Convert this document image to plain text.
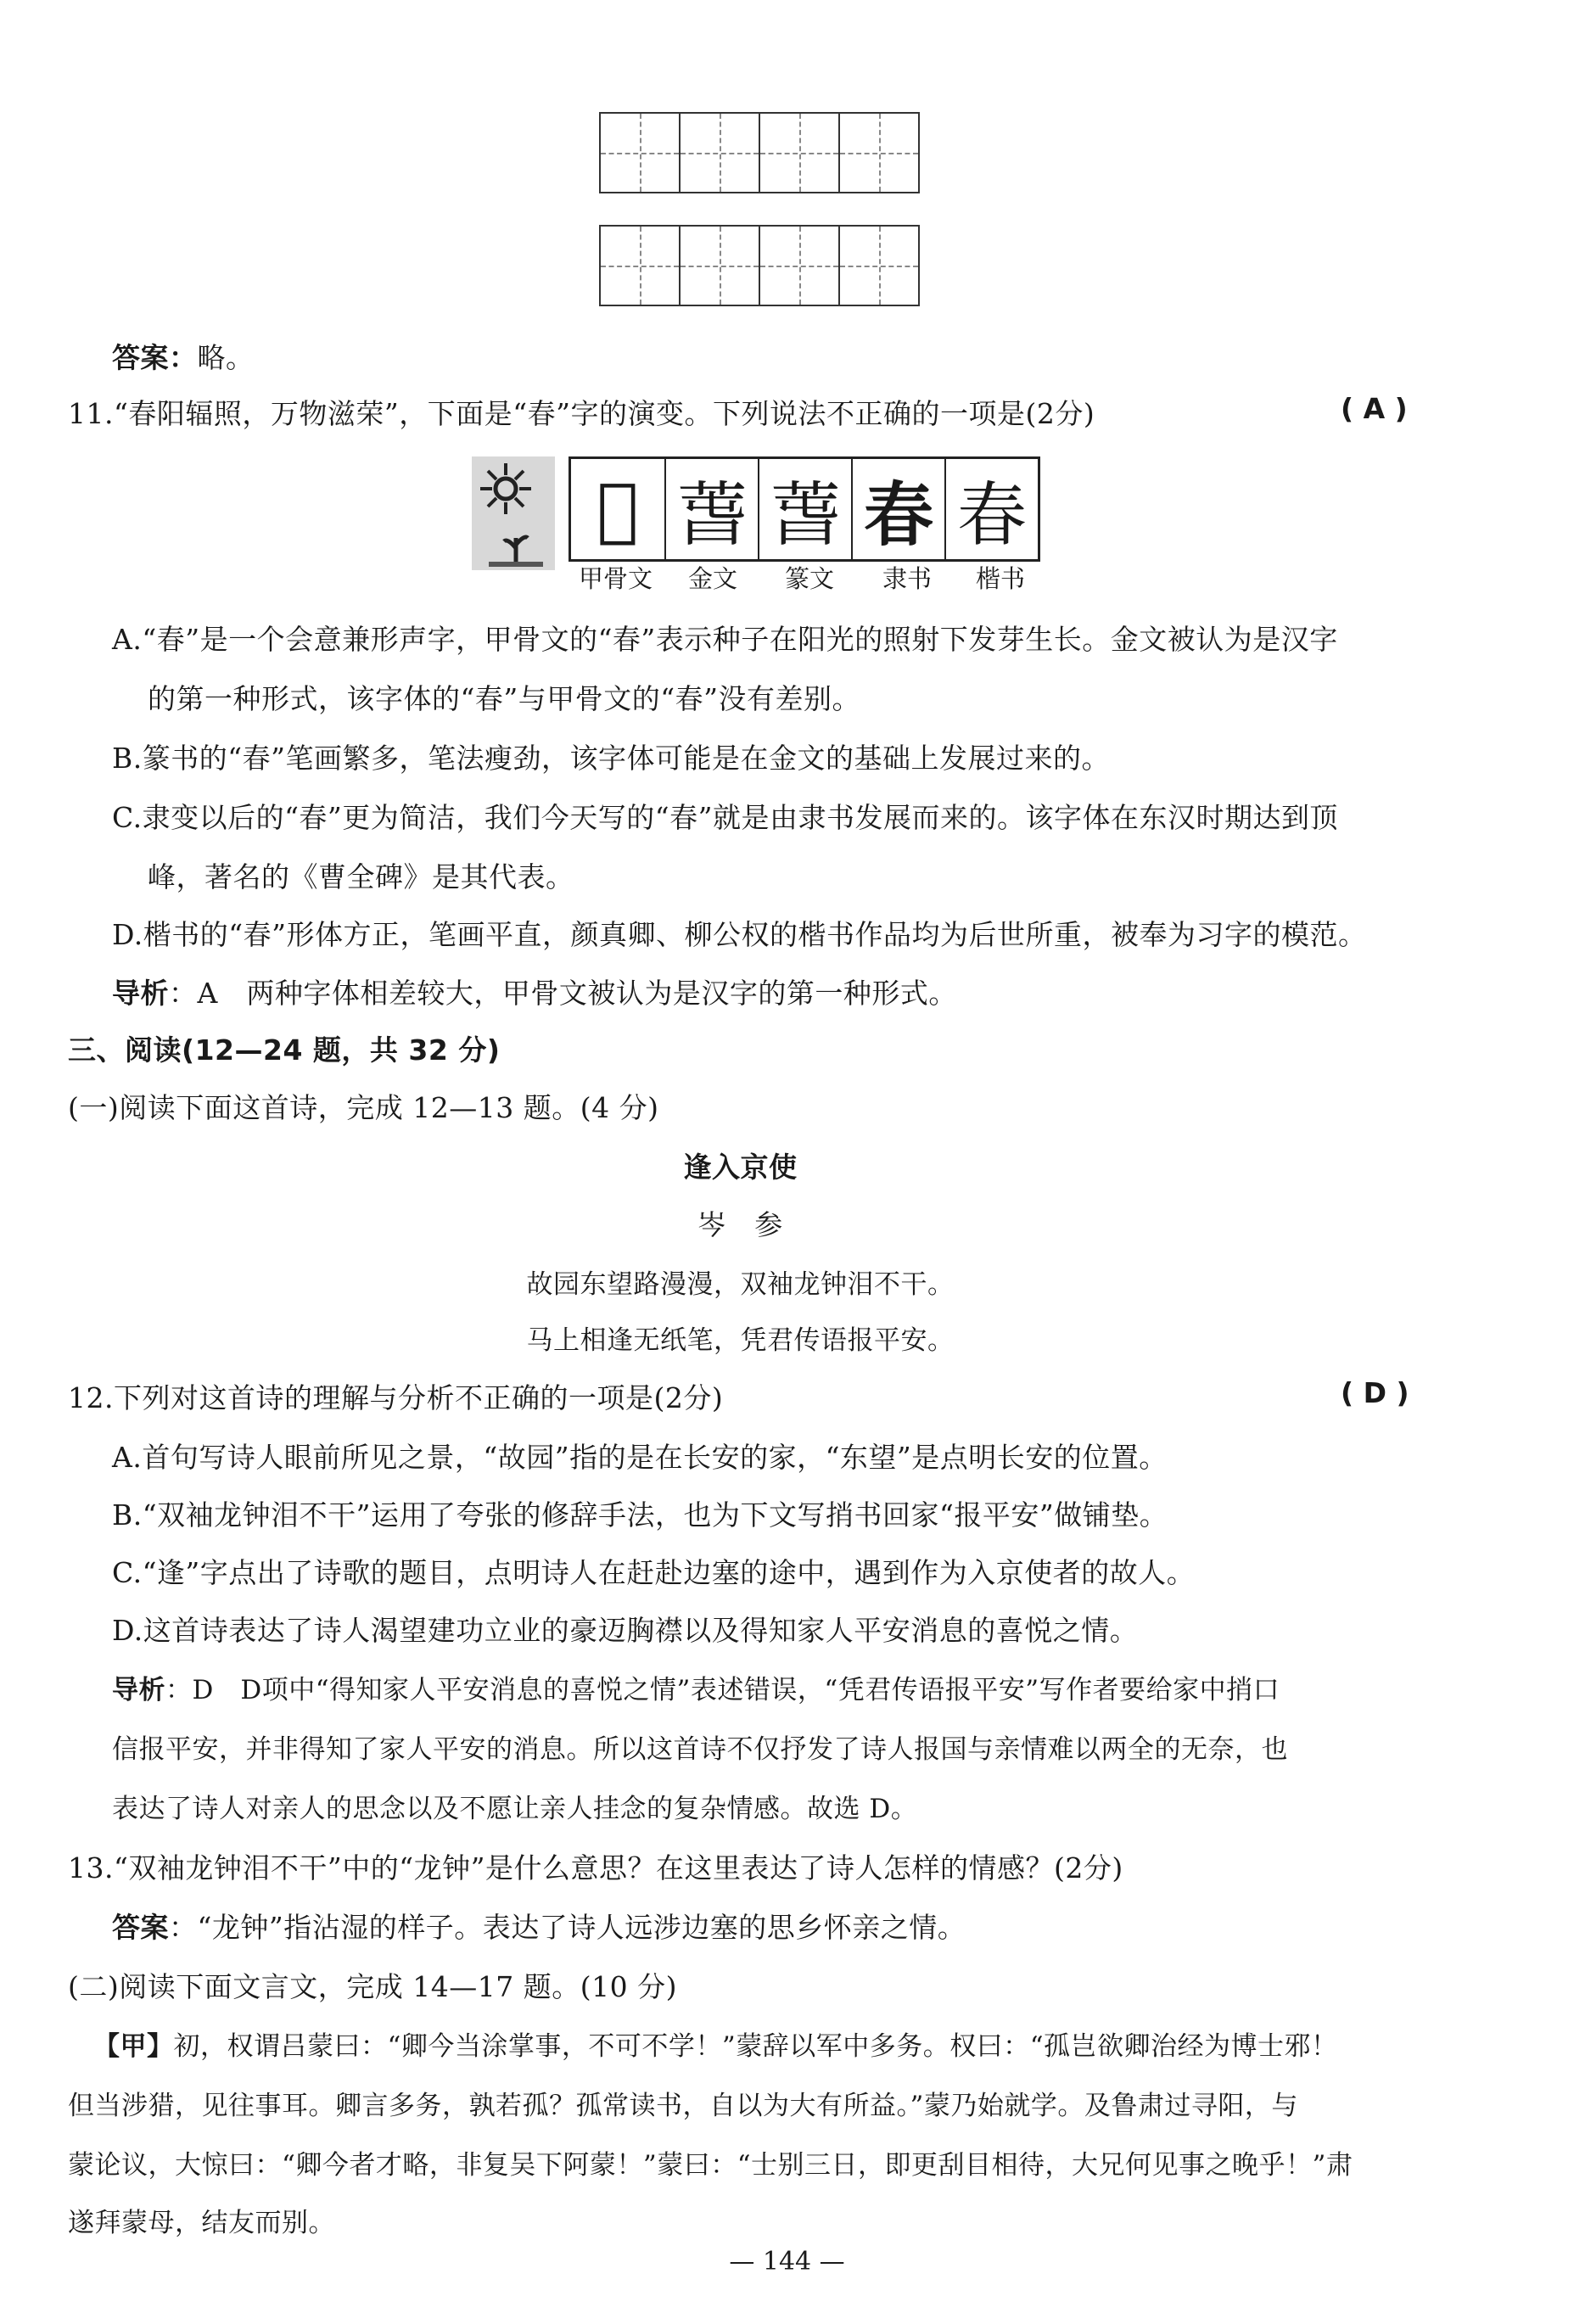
答案：略。
11.“春阳辐照，万物滋荣”，下面是“春”字的演变。下列说法不正确的一项是(2分)	( A )
𣌢 萅 萅 春 春
甲骨文 金文 篆文 隶书 楷书
A.“春”是一个会意兼形声字，甲骨文的“春”表示种子在阳光的照射下发芽生长。金文被认为是汉字
的第一种形式，该字体的“春”与甲骨文的“春”没有差别。
B.篆书的“春”笔画繁多，笔法瘦劲，该字体可能是在金文的基础上发展过来的。
C.隶变以后的“春”更为简洁，我们今天写的“春”就是由隶书发展而来的。该字体在东汉时期达到顶
峰，著名的《曹全碑》是其代表。
D.楷书的“春”形体方正，笔画平直，颜真卿、柳公权的楷书作品均为后世所重，被奉为习字的模范。
导析：A　两种字体相差较大，甲骨文被认为是汉字的第一种形式。
三、阅读(12—24 题，共 32 分)
(一)阅读下面这首诗，完成 12—13 题。(4 分)
逢入京使
岑　参
故园东望路漫漫，双袖龙钟泪不干。
马上相逢无纸笔，凭君传语报平安。
12.下列对这首诗的理解与分析不正确的一项是(2分)	( D )
A.首句写诗人眼前所见之景，“故园”指的是在长安的家，“东望”是点明长安的位置。
B.“双袖龙钟泪不干”运用了夸张的修辞手法，也为下文写捎书回家“报平安”做铺垫。
C.“逢”字点出了诗歌的题目，点明诗人在赶赴边塞的途中，遇到作为入京使者的故人。
D.这首诗表达了诗人渴望建功立业的豪迈胸襟以及得知家人平安消息的喜悦之情。
导析：D　D项中“得知家人平安消息的喜悦之情”表述错误，“凭君传语报平安”写作者要给家中捎口
信报平安，并非得知了家人平安的消息。所以这首诗不仅抒发了诗人报国与亲情难以两全的无奈，也
表达了诗人对亲人的思念以及不愿让亲人挂念的复杂情感。故选 D。
13.“双袖龙钟泪不干”中的“龙钟”是什么意思？在这里表达了诗人怎样的情感？(2分)
答案：“龙钟”指沾湿的样子。表达了诗人远涉边塞的思乡怀亲之情。
(二)阅读下面文言文，完成 14—17 题。(10 分)
【甲】初，权谓吕蒙曰：“卿今当涂掌事，不可不学！”蒙辞以军中多务。权曰：“孤岂欲卿治经为博士邪！
但当涉猎，见往事耳。卿言多务，孰若孤？孤常读书，自以为大有所益。”蒙乃始就学。及鲁肃过寻阳，与
蒙论议，大惊曰：“卿今者才略，非复吴下阿蒙！”蒙曰：“士别三日，即更刮目相待，大兄何见事之晚乎！”肃
遂拜蒙母，结友而别。
— 144 —
